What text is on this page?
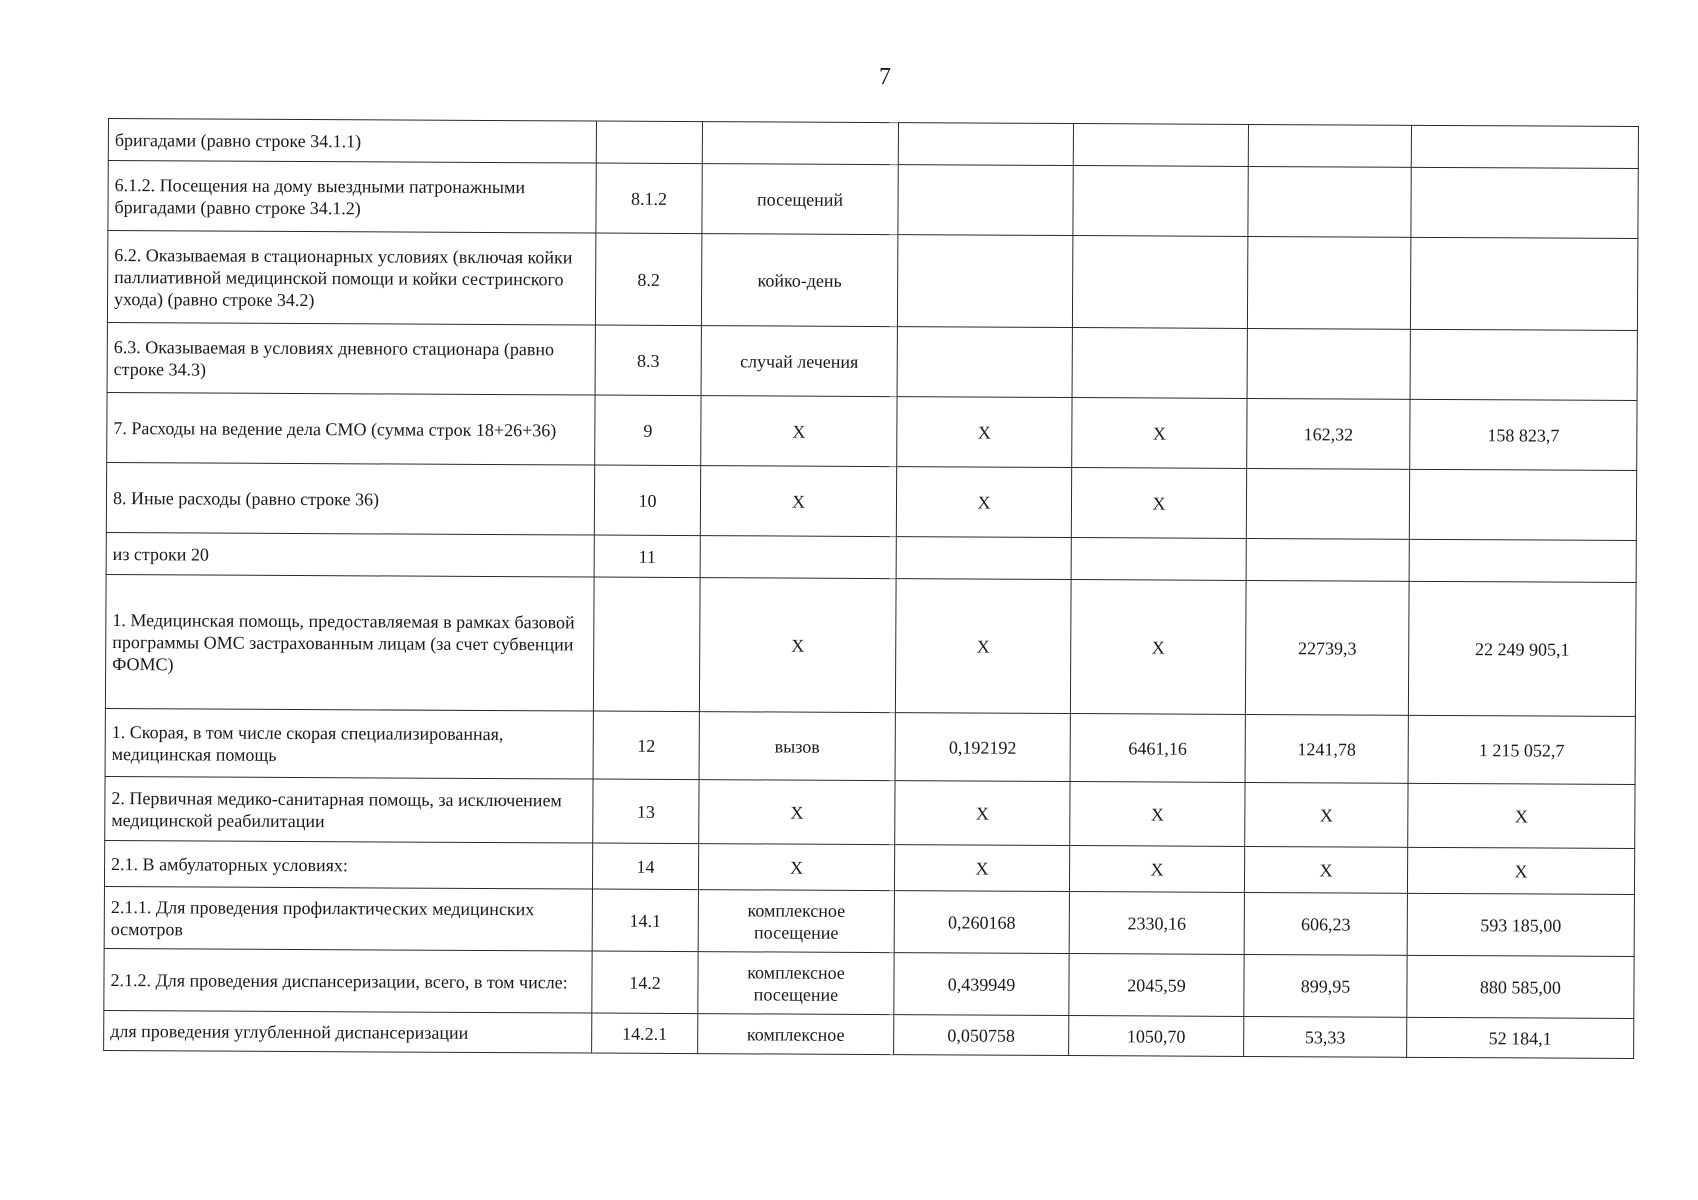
7
бригадами (равно строке 34.1.1)						
6.1.2. Посещения на дому выездными патронажными бригадами (равно строке 34.1.2)	8.1.2	посещений				
6.2. Оказываемая в стационарных условиях (включая койки паллиативной медицинской помощи и койки сестринского ухода) (равно строке 34.2)	8.2	койко-день				
6.3. Оказываемая в условиях дневного стационара (равно строке 34.3)	8.3	случай лечения				
7. Расходы на ведение дела СМО (сумма строк 18+26+36)	9	Х	Х	Х	162,32	158 823,7
8. Иные расходы (равно строке 36)	10	Х	Х	Х		
из строки 20	11					
1. Медицинская помощь, предоставляемая в рамках базовой программы ОМС застрахованным лицам (за счет субвенции ФОМС)		Х	Х	Х	22739,3	22 249 905,1
1. Скорая, в том числе скорая специализированная, медицинская помощь	12	вызов	0,192192	6461,16	1241,78	1 215 052,7
2. Первичная медико-санитарная помощь, за исключением медицинской реабилитации	13	Х	Х	Х	Х	Х
2.1. В амбулаторных условиях:	14	Х	Х	Х	Х	Х
2.1.1. Для проведения профилактических медицинских осмотров	14.1	комплексное посещение	0,260168	2330,16	606,23	593 185,00
2.1.2. Для проведения диспансеризации, всего, в том числе:	14.2	комплексное посещение	0,439949	2045,59	899,95	880 585,00
для проведения углубленной диспансеризации	14.2.1	комплексное	0,050758	1050,70	53,33	52 184,1
